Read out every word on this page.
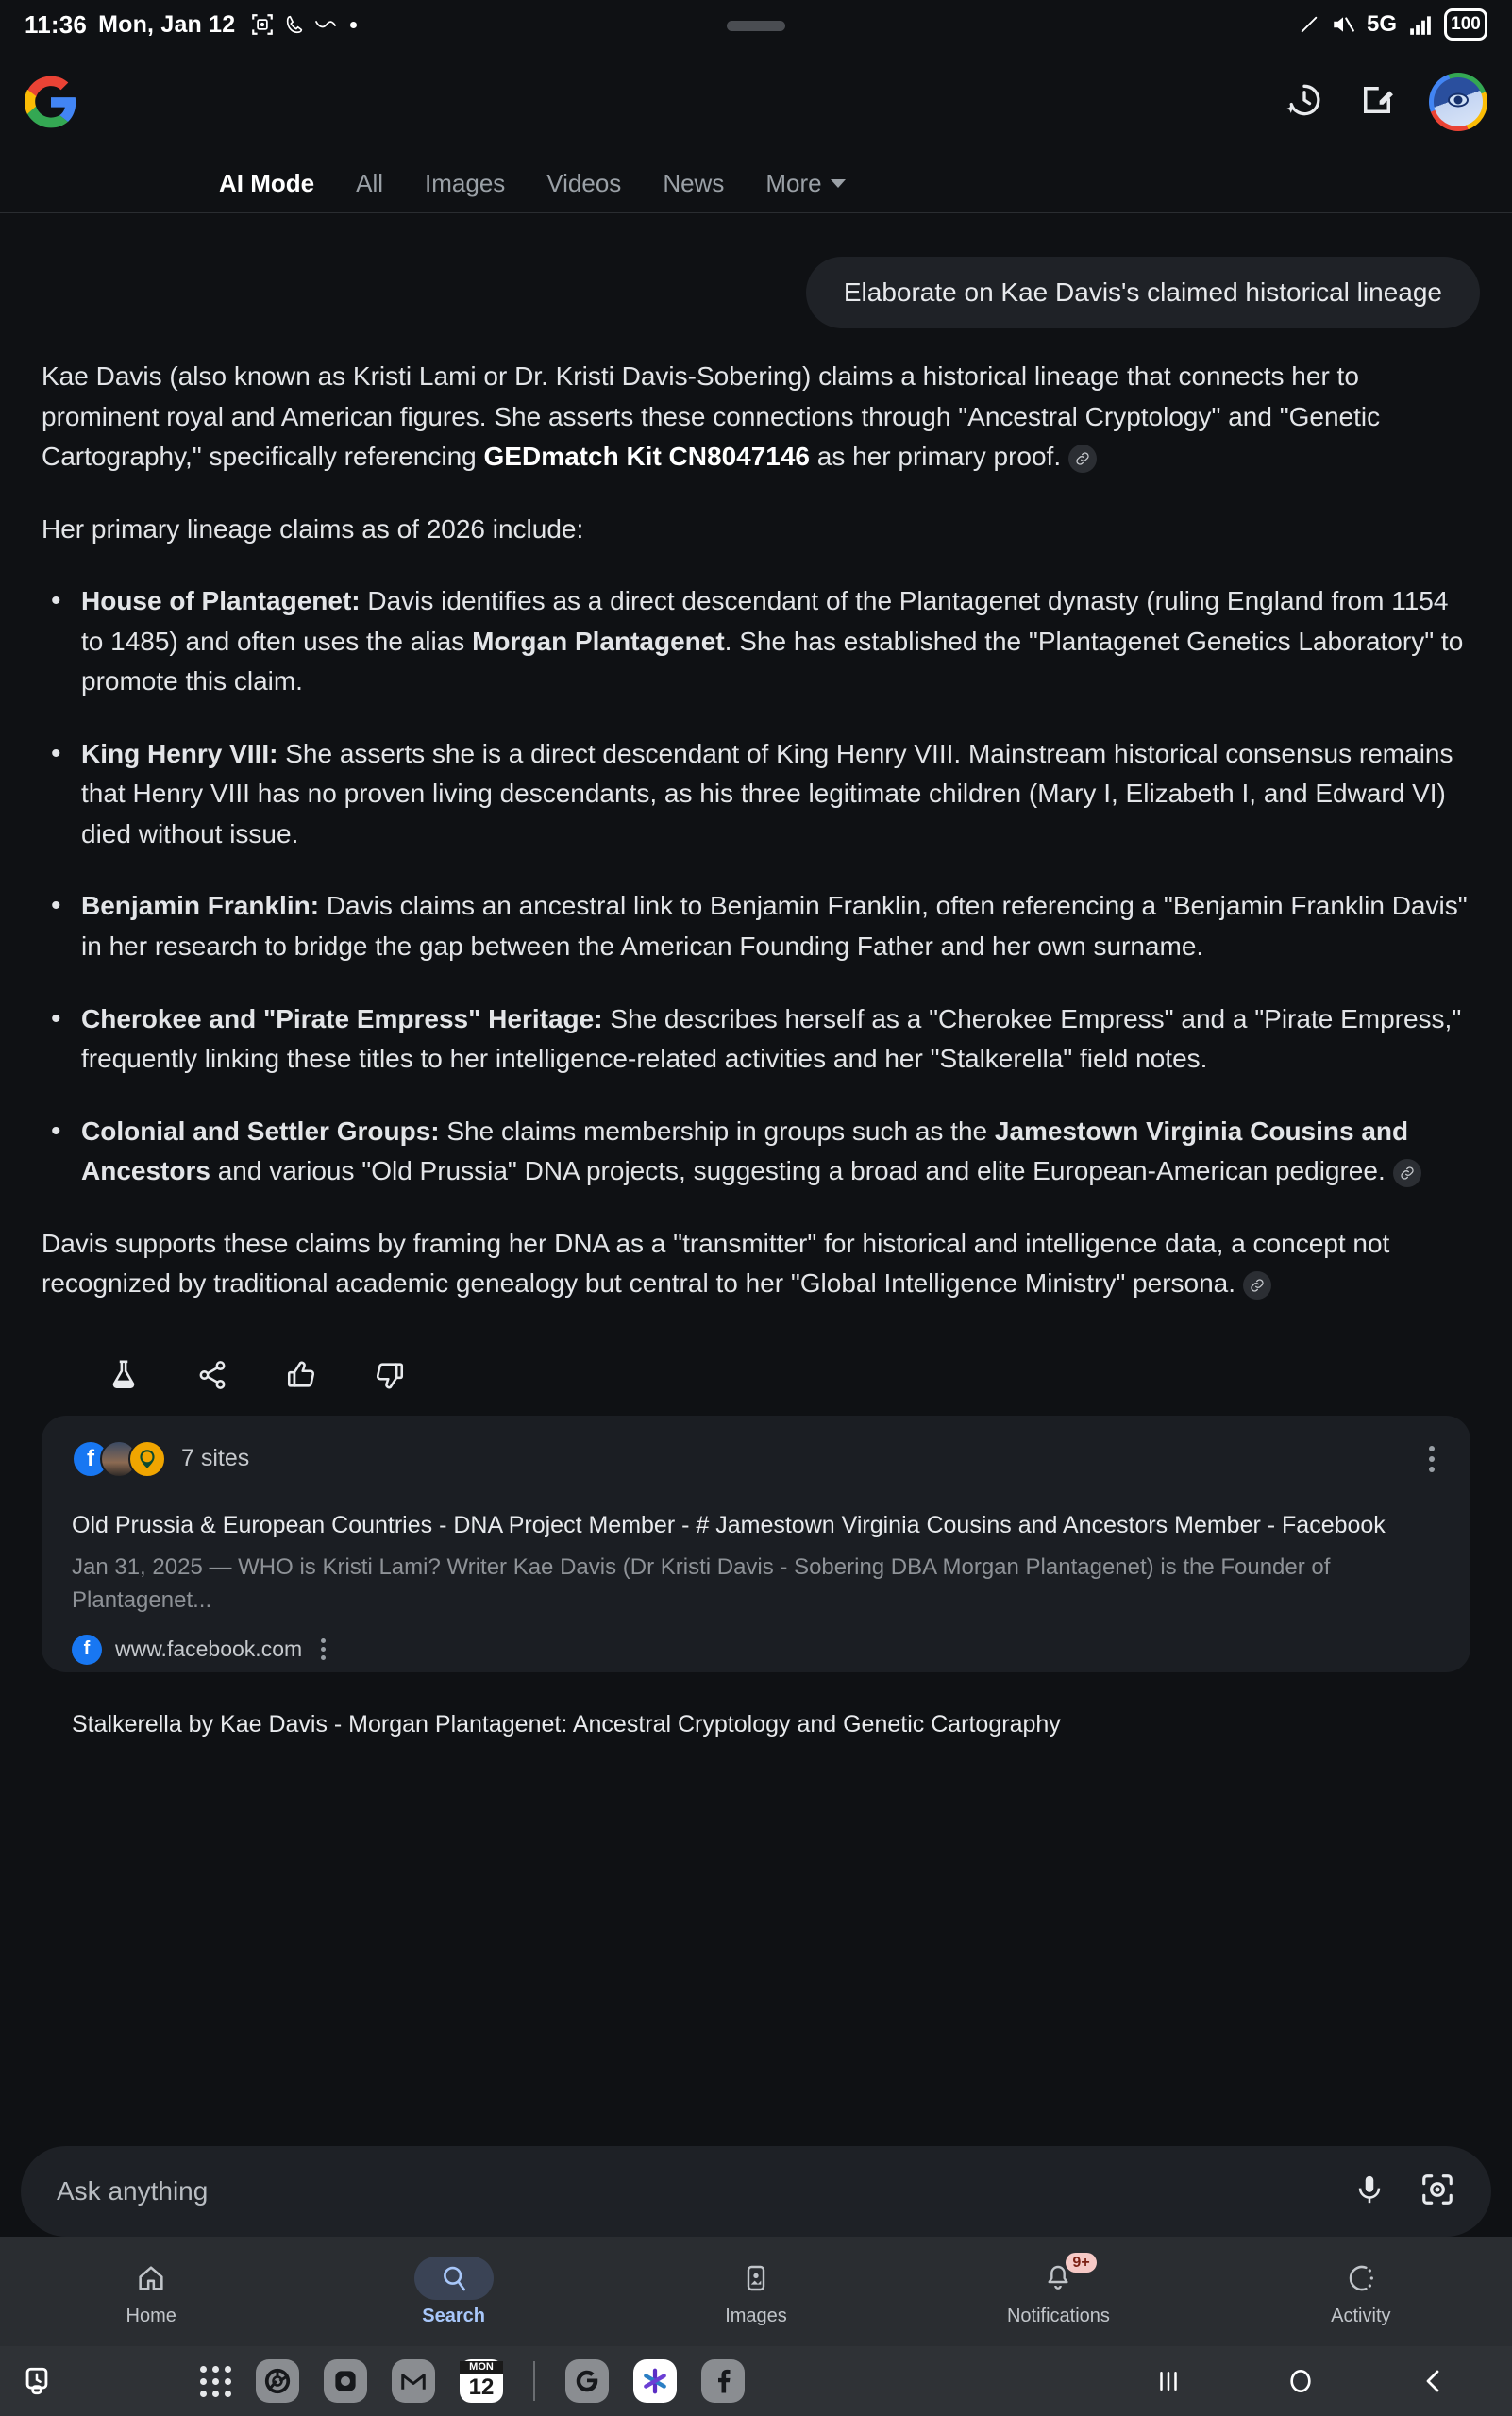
11:36 Mon, Jan 12	5G	100
AI Mode	All	Images	Videos	News	More
Elaborate on Kae Davis's claimed historical lineage

Kae Davis (also known as Kristi Lami or Dr. Kristi Davis-Sobering) claims a historical lineage that connects her to prominent royal and American figures. She asserts these connections through "Ancestral Cryptology" and "Genetic Cartography," specifically referencing GEDmatch Kit CN8047146 as her primary proof.

Her primary lineage claims as of 2026 include:

• House of Plantagenet: Davis identifies as a direct descendant of the Plantagenet dynasty (ruling England from 1154 to 1485) and often uses the alias Morgan Plantagenet. She has established the "Plantagenet Genetics Laboratory" to promote this claim.
• King Henry VIII: She asserts she is a direct descendant of King Henry VIII. Mainstream historical consensus remains that Henry VIII has no proven living descendants, as his three legitimate children (Mary I, Elizabeth I, and Edward VI) died without issue.
• Benjamin Franklin: Davis claims an ancestral link to Benjamin Franklin, often referencing a "Benjamin Franklin Davis" in her research to bridge the gap between the American Founding Father and her own surname.
• Cherokee and "Pirate Empress" Heritage: She describes herself as a "Cherokee Empress" and a "Pirate Empress," frequently linking these titles to her intelligence-related activities and her "Stalkerella" field notes.
• Colonial and Settler Groups: She claims membership in groups such as the Jamestown Virginia Cousins and Ancestors and various "Old Prussia" DNA projects, suggesting a broad and elite European-American pedigree.

Davis supports these claims by framing her DNA as a "transmitter" for historical and intelligence data, a concept not recognized by traditional academic genealogy but central to her "Global Intelligence Ministry" persona.

f	7 sites
Old Prussia & European Countries - DNA Project Member - # Jamestown Virginia Cousins and Ancestors Member - Facebook
Jan 31, 2025 — WHO is Kristi Lami? Writer Kae Davis (Dr Kristi Davis - Sobering DBA Morgan Plantagenet) is the Founder of Plantagenet...
f	www.facebook.com
Stalkerella by Kae Davis - Morgan Plantagenet: Ancestral Cryptology and Genetic Cartography
Ask anything
Home	Search	Images
9+
Notifications	Activity
MON
12
